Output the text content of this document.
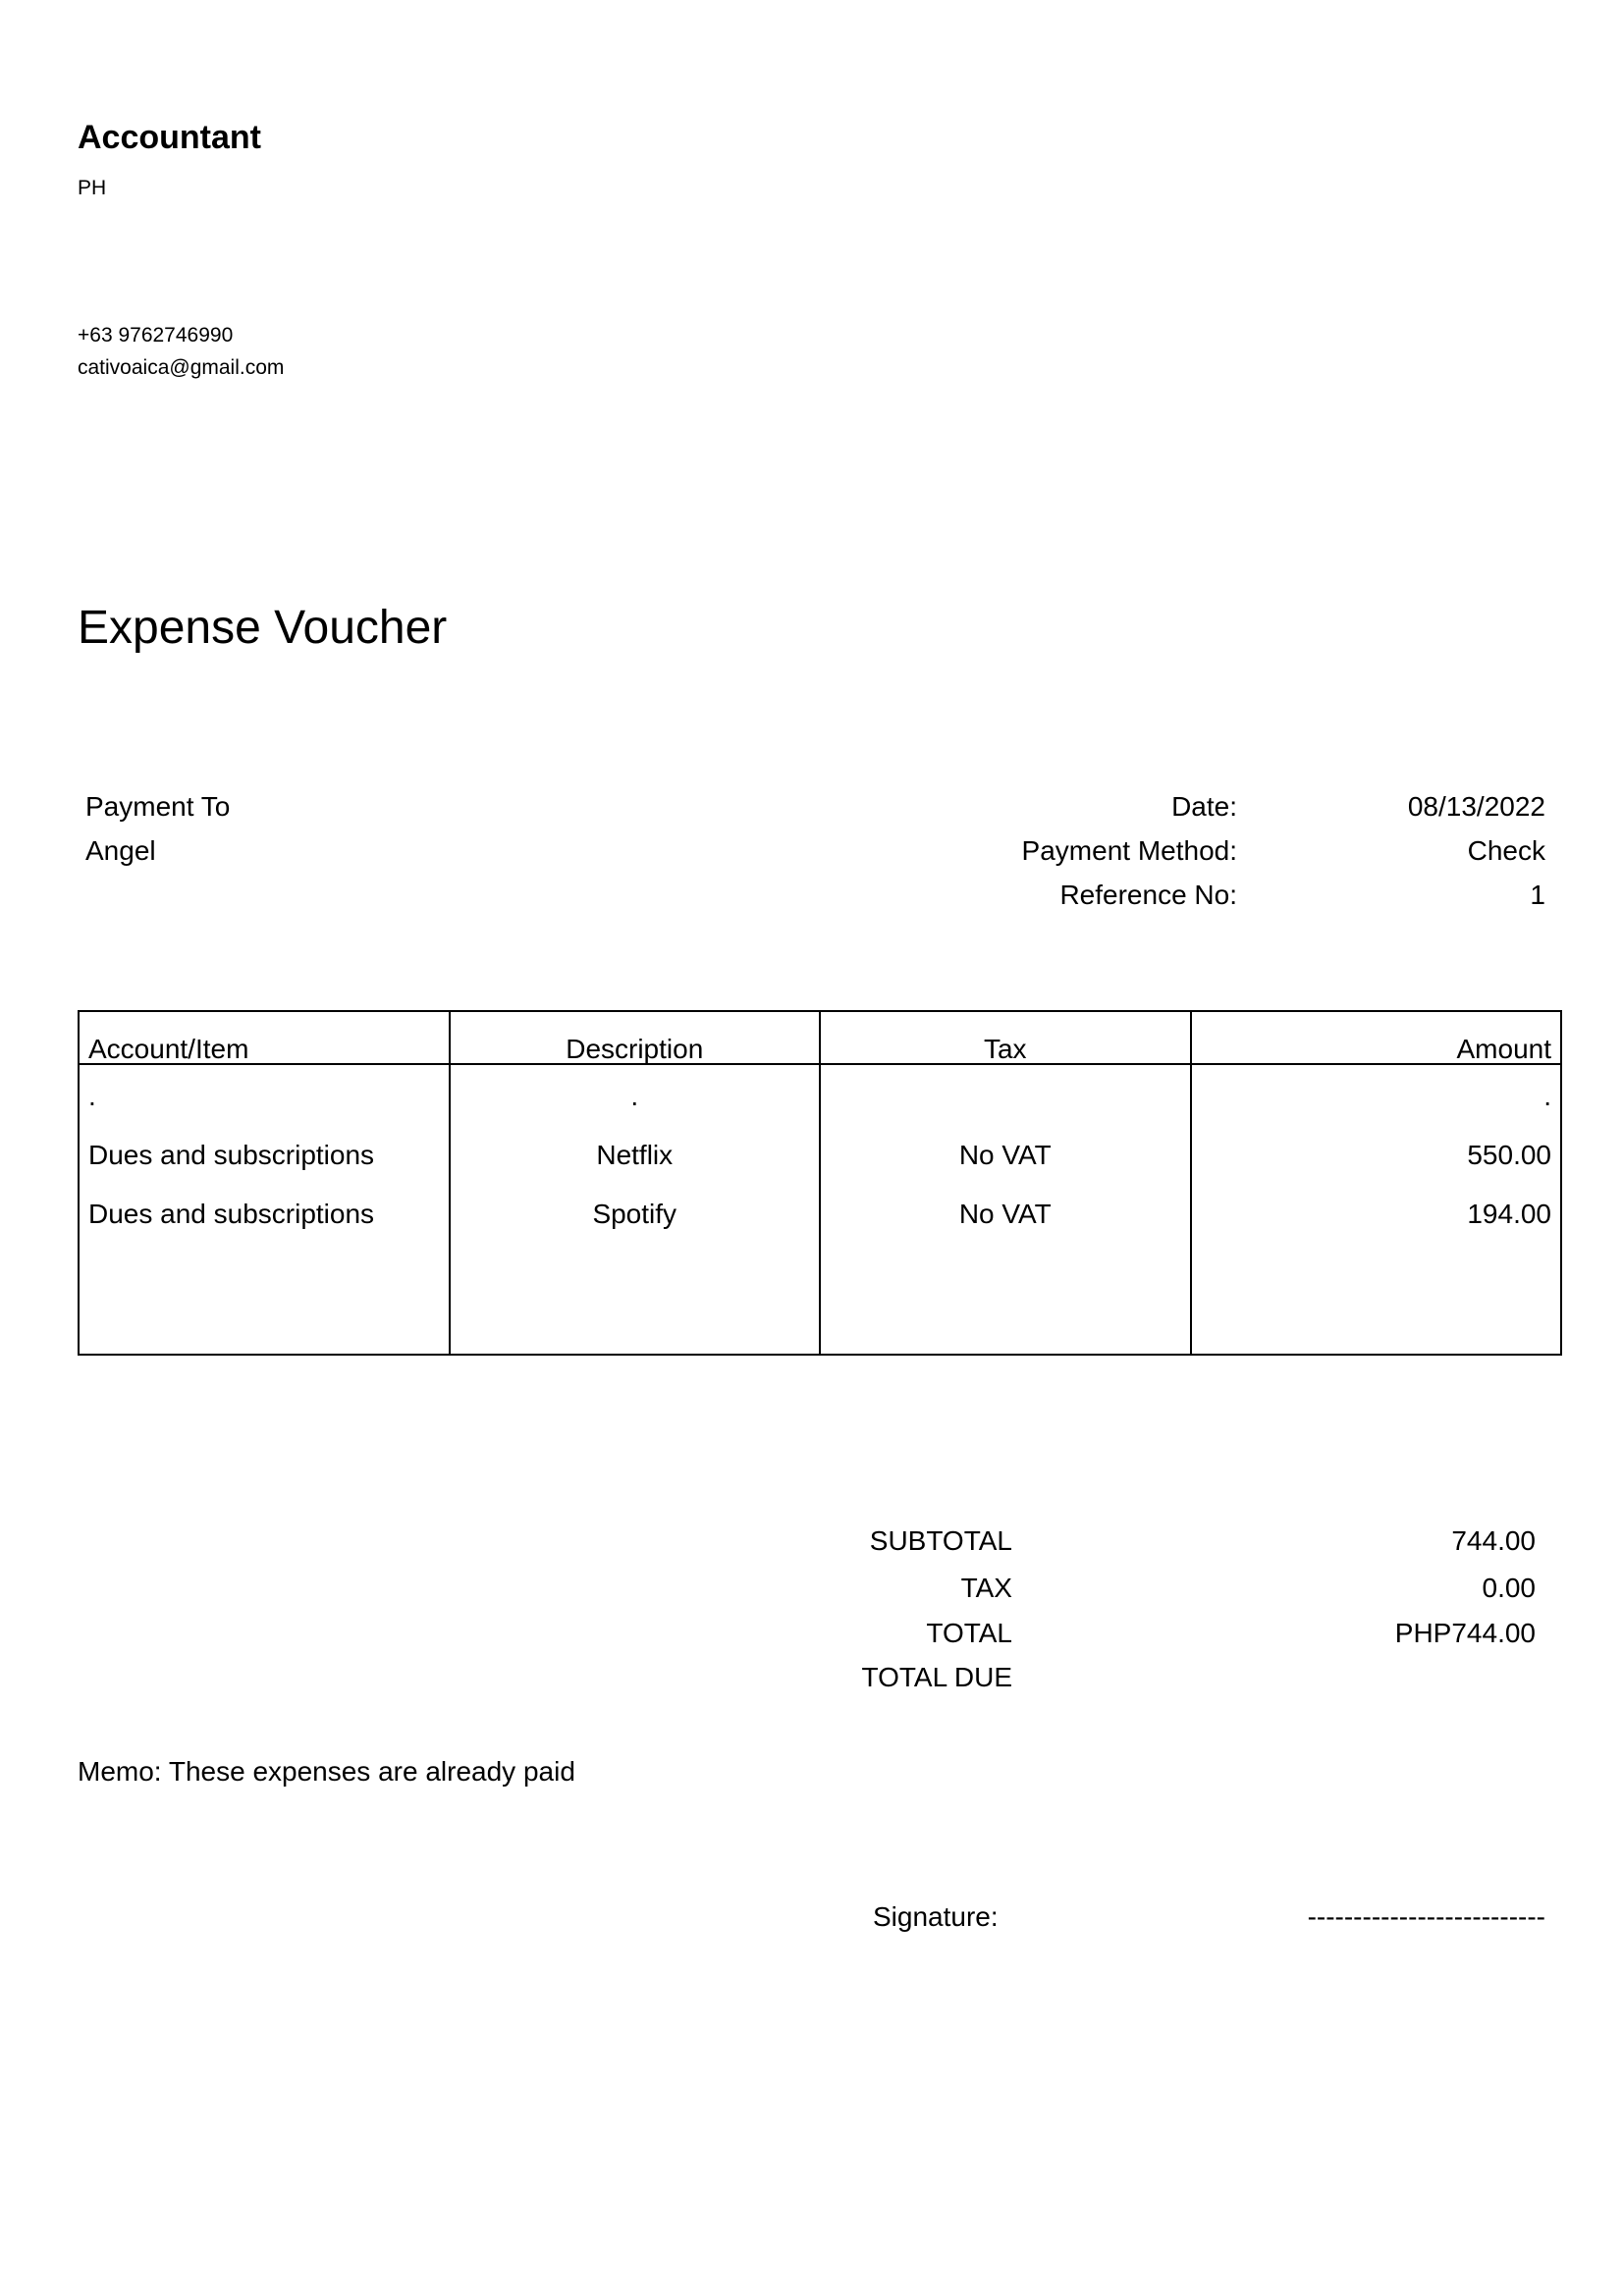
Accountant
PH
+63 9762746990
cativoaica@gmail.com
Expense Voucher
Payment To
Angel
Date:	08/13/2022
Payment Method:	Check
Reference No:	1
Account/Item	Description	Tax	Amount
.	.		.
Dues and subscriptions	Netflix	No VAT	550.00
Dues and subscriptions	Spotify	No VAT	194.00

SUBTOTAL	744.00
TAX	0.00
TOTAL	PHP744.00
TOTAL DUE
Memo: These expenses are already paid
Signature:	--------------------------
